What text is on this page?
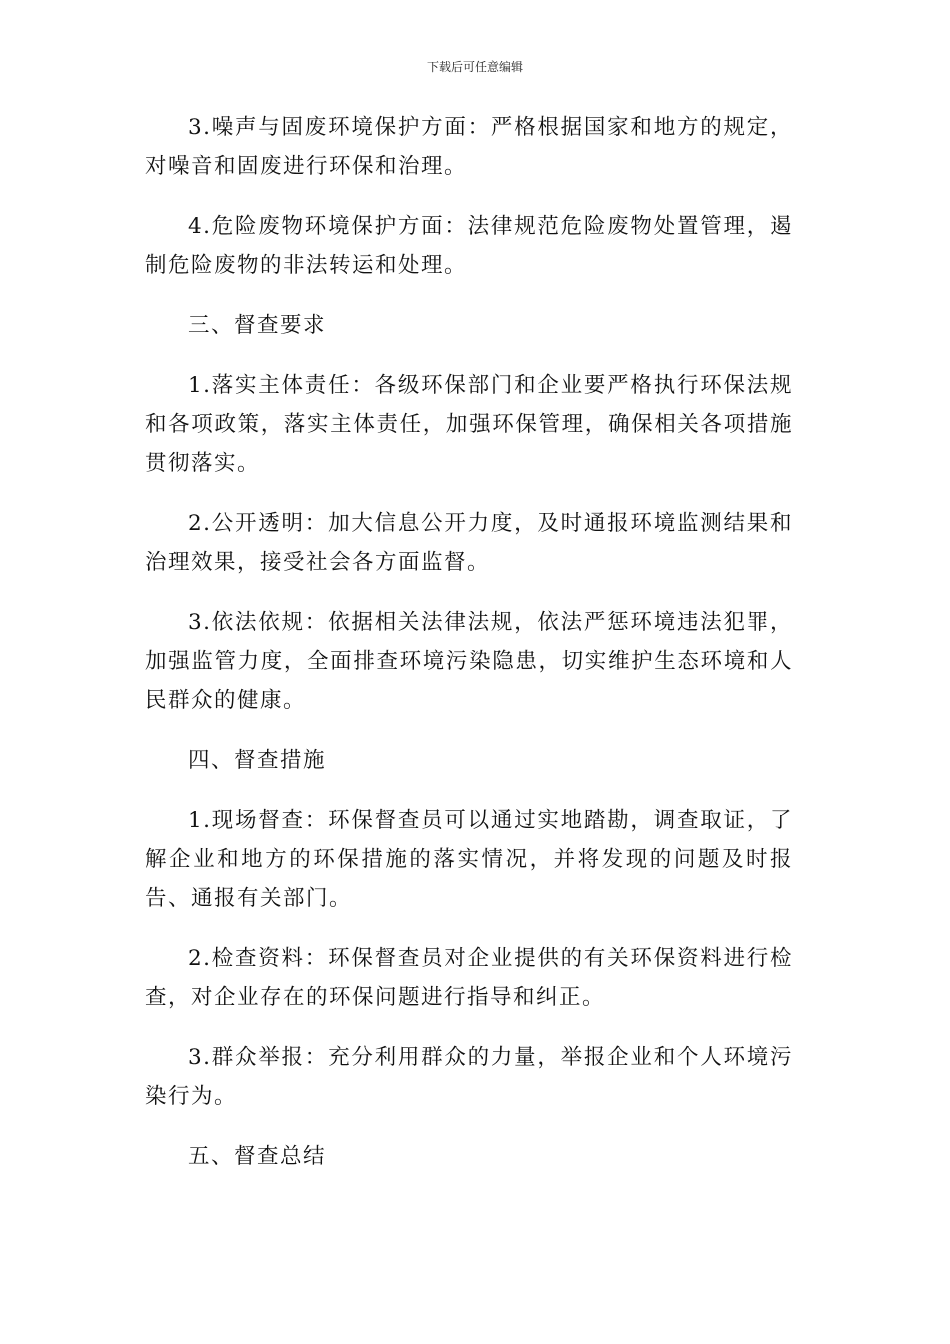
下载后可任意编辑

3.噪声与固废环境保护方面：严格根据国家和地方的规定，对噪音和固废进行环保和治理。

4.危险废物环境保护方面：法律规范危险废物处置管理，遏制危险废物的非法转运和处理。

三、督查要求

1.落实主体责任：各级环保部门和企业要严格执行环保法规和各项政策，落实主体责任，加强环保管理，确保相关各项措施贯彻落实。

2.公开透明：加大信息公开力度，及时通报环境监测结果和治理效果，接受社会各方面监督。

3.依法依规：依据相关法律法规，依法严惩环境违法犯罪，加强监管力度，全面排查环境污染隐患，切实维护生态环境和人民群众的健康。

四、督查措施

1.现场督查：环保督查员可以通过实地踏勘，调查取证，了解企业和地方的环保措施的落实情况，并将发现的问题及时报告、通报有关部门。

2.检查资料：环保督查员对企业提供的有关环保资料进行检查，对企业存在的环保问题进行指导和纠正。

3.群众举报：充分利用群众的力量，举报企业和个人环境污染行为。

五、督查总结
